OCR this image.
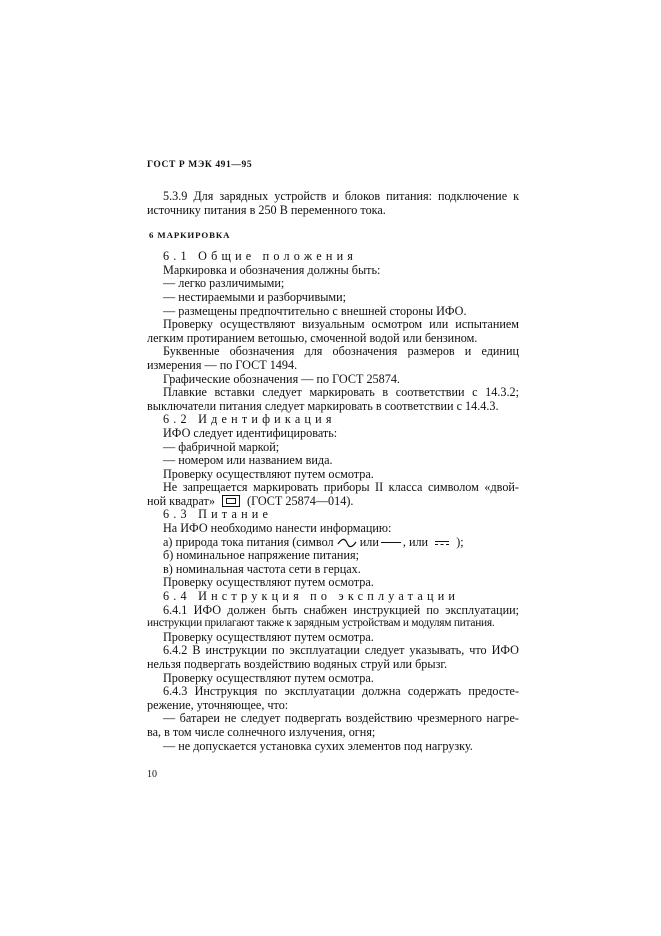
ГОСТ Р МЭК 491—95
5.3.9 Для зарядных устройств и блоков питания: подключение к
источнику питания в 250 В переменного тока.
6 МАРКИРОВКА
6.1 Общие положения
Маркировка и обозначения должны быть:
— легко различимыми;
— нестираемыми и разборчивыми;
— размещены предпочтительно с внешней стороны ИФО.
Проверку осуществляют визуальным осмотром или испытанием
легким протиранием ветошью, смоченной водой или бензином.
Буквенные обозначения для обозначения размеров и единиц
измерения — по ГОСТ 1494.
Графические обозначения — по ГОСТ 25874.
Плавкие вставки следует маркировать в соответствии с 14.3.2;
выключатели питания следует маркировать в соответствии с 14.4.3.
6.2 Идентификация
ИФО следует идентифицировать:
— фабричной маркой;
— номером или названием вида.
Проверку осуществляют путем осмотра.
Не запрещается маркировать приборы II класса символом «двой-
ной квадрат»	(ГОСТ 25874—014).
6.3 Питание
На ИФО необходимо нанести информацию:
а) природа тока питания (символ или , или );
б) номинальное напряжение питания;
в) номинальная частота сети в герцах.
Проверку осуществляют путем осмотра.
6.4 Инструкция по эксплуатации
6.4.1 ИФО должен быть снабжен инструкцией по эксплуатации;
инструкции прилагают также к зарядным устройствам и модулям питания.
Проверку осуществляют путем осмотра.
6.4.2 В инструкции по эксплуатации следует указывать, что ИФО
нельзя подвергать воздействию водяных струй или брызг.
Проверку осуществляют путем осмотра.
6.4.3 Инструкция по эксплуатации должна содержать предосте-
режение, уточняющее, что:
— батареи не следует подвергать воздействию чрезмерного нагре-
ва, в том числе солнечного излучения, огня;
— не допускается установка сухих элементов под нагрузку.
10
